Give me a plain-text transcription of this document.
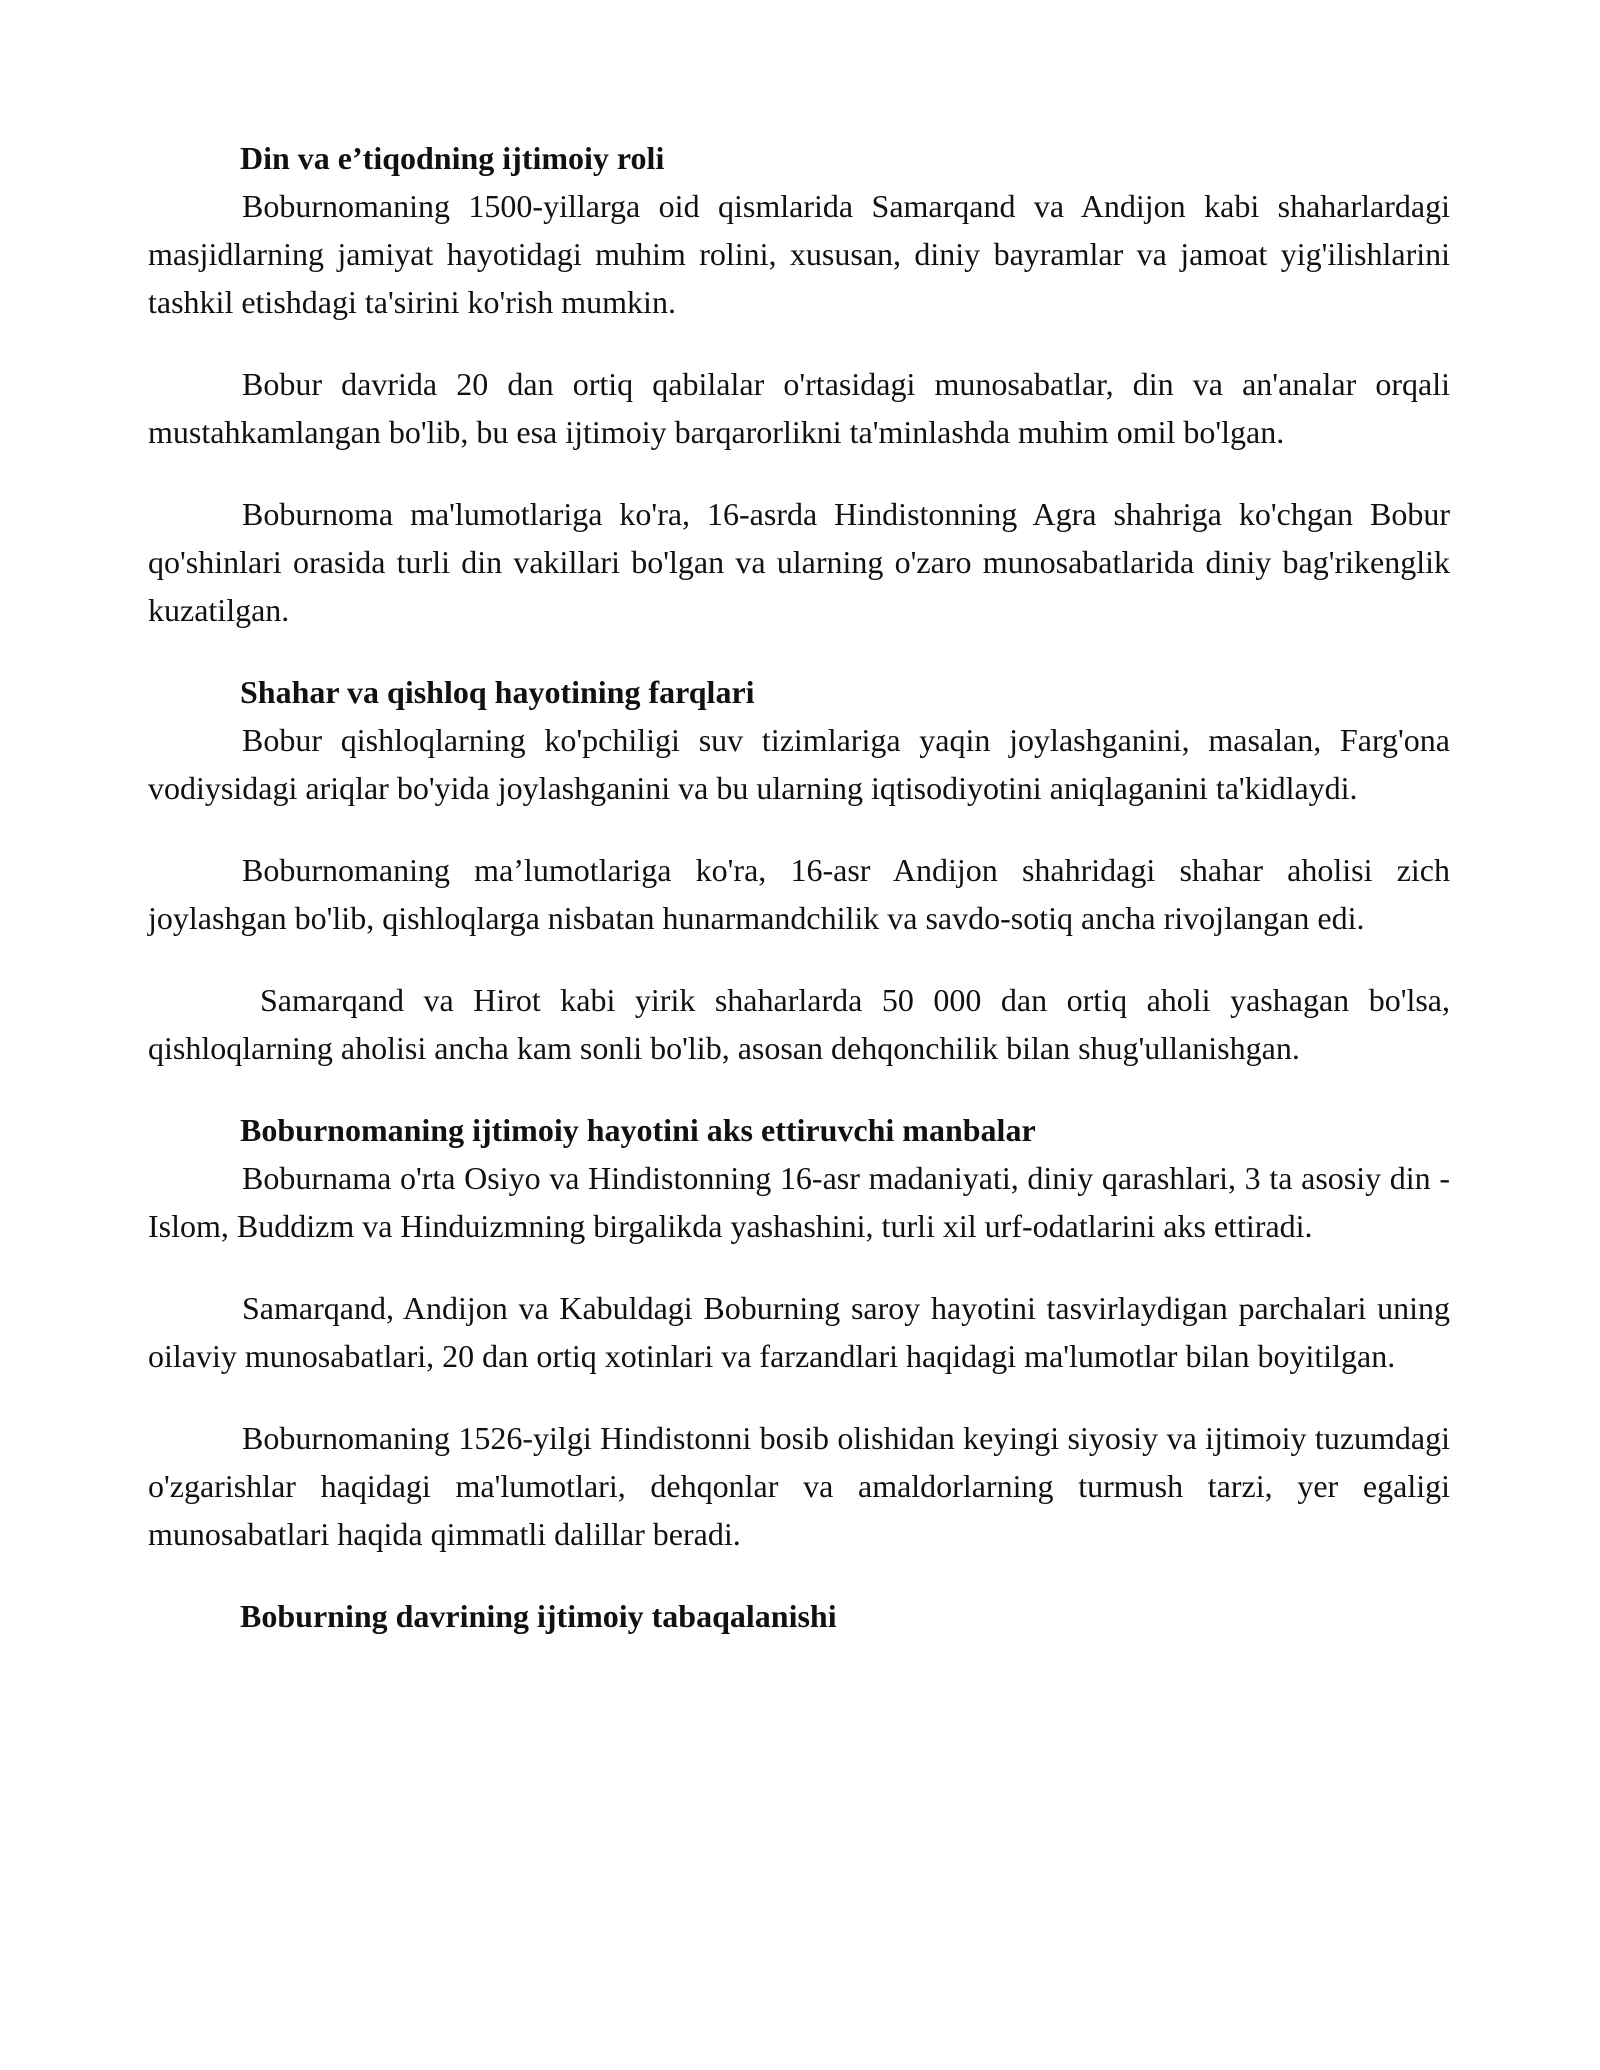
Din va e’tiqodning ijtimoiy roli

Boburnomaning 1500-yillarga oid qismlarida Samarqand va Andijon kabi shaharlardagi masjidlarning jamiyat hayotidagi muhim rolini, xususan, diniy bayramlar va jamoat yig'ilishlarini tashkil etishdagi ta'sirini ko'rish mumkin.

Bobur davrida 20 dan ortiq qabilalar o'rtasidagi munosabatlar, din va an'analar orqali mustahkamlangan bo'lib, bu esa ijtimoiy barqarorlikni ta'minlashda muhim omil bo'lgan.

Boburnoma ma'lumotlariga ko'ra, 16-asrda Hindistonning Agra shahriga ko'chgan Bobur qo'shinlari orasida turli din vakillari bo'lgan va ularning o'zaro munosabatlarida diniy bag'rikenglik kuzatilgan.

Shahar va qishloq hayotining farqlari

Bobur qishloqlarning ko'pchiligi suv tizimlariga yaqin joylashganini, masalan, Farg'ona vodiysidagi ariqlar bo'yida joylashganini va bu ularning iqtisodiyotini aniqlaganini ta'kidlaydi.

Boburnomaning ma’lumotlariga ko'ra, 16-asr Andijon shahridagi shahar aholisi zich joylashgan bo'lib, qishloqlarga nisbatan hunarmandchilik va savdo-sotiq ancha rivojlangan edi.

Samarqand va Hirot kabi yirik shaharlarda 50 000 dan ortiq aholi yashagan bo'lsa, qishloqlarning aholisi ancha kam sonli bo'lib, asosan dehqonchilik bilan shug'ullanishgan.

Boburnomaning ijtimoiy hayotini aks ettiruvchi manbalar

Boburnama o'rta Osiyo va Hindistonning 16-asr madaniyati, diniy qarashlari, 3 ta asosiy din - Islom, Buddizm va Hinduizmning birgalikda yashashini, turli xil urf-odatlarini aks ettiradi.

Samarqand, Andijon va Kabuldagi Boburning saroy hayotini tasvirlaydigan parchalari uning oilaviy munosabatlari, 20 dan ortiq xotinlari va farzandlari haqidagi ma'lumotlar bilan boyitilgan.

Boburnomaning 1526-yilgi Hindistonni bosib olishidan keyingi siyosiy va ijtimoiy tuzumdagi o'zgarishlar haqidagi ma'lumotlari, dehqonlar va amaldorlarning turmush tarzi, yer egaligi munosabatlari haqida qimmatli dalillar beradi.

Boburning davrining ijtimoiy tabaqalanishi
